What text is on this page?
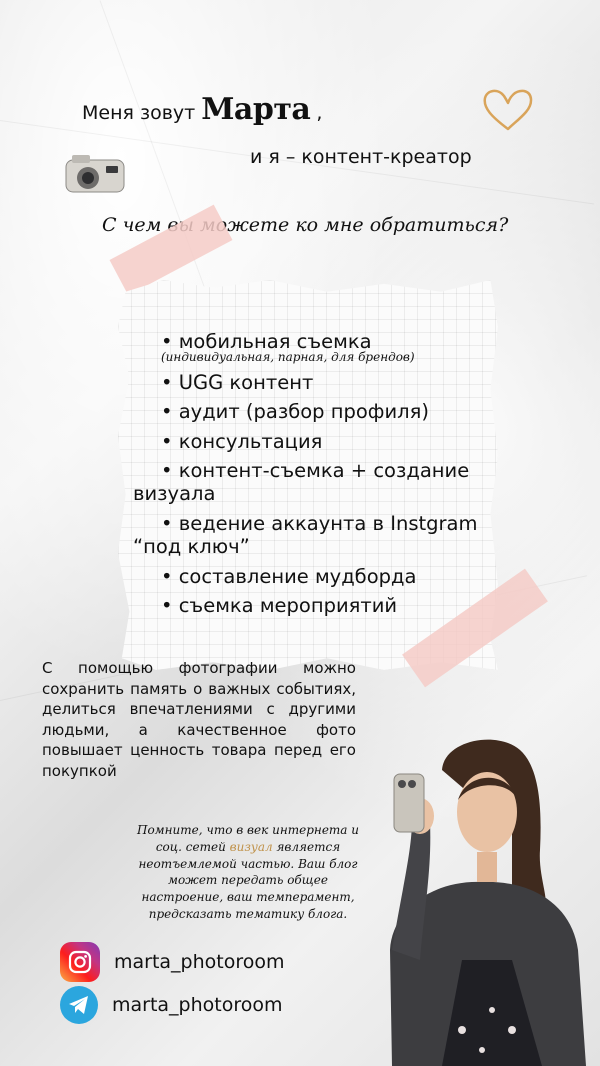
Меня зовут Марта ,
и я – контент-креатор
С чем вы можете ко мне обратиться?
• мобильная съемка
(индивидуальная, парная, для брендов)
• UGG контент
• аудит (разбор профиля)
• консультация
• контент-съемка + создание визуала
• ведение аккаунта в Instgram “под ключ”
• составление мудборда
• съемка мероприятий
С помощью фотографии можно сохранить память о важных событиях, делиться впечатлениями с другими людьми, а качественное фото повышает ценность товара перед его покупкой
Помните, что в век интернета и соц. сетей визуал является неотъемлемой частью. Ваш блог может передать общее настроение, ваш темперамент, предсказать тематику блога.
marta_photoroom
marta_photoroom
